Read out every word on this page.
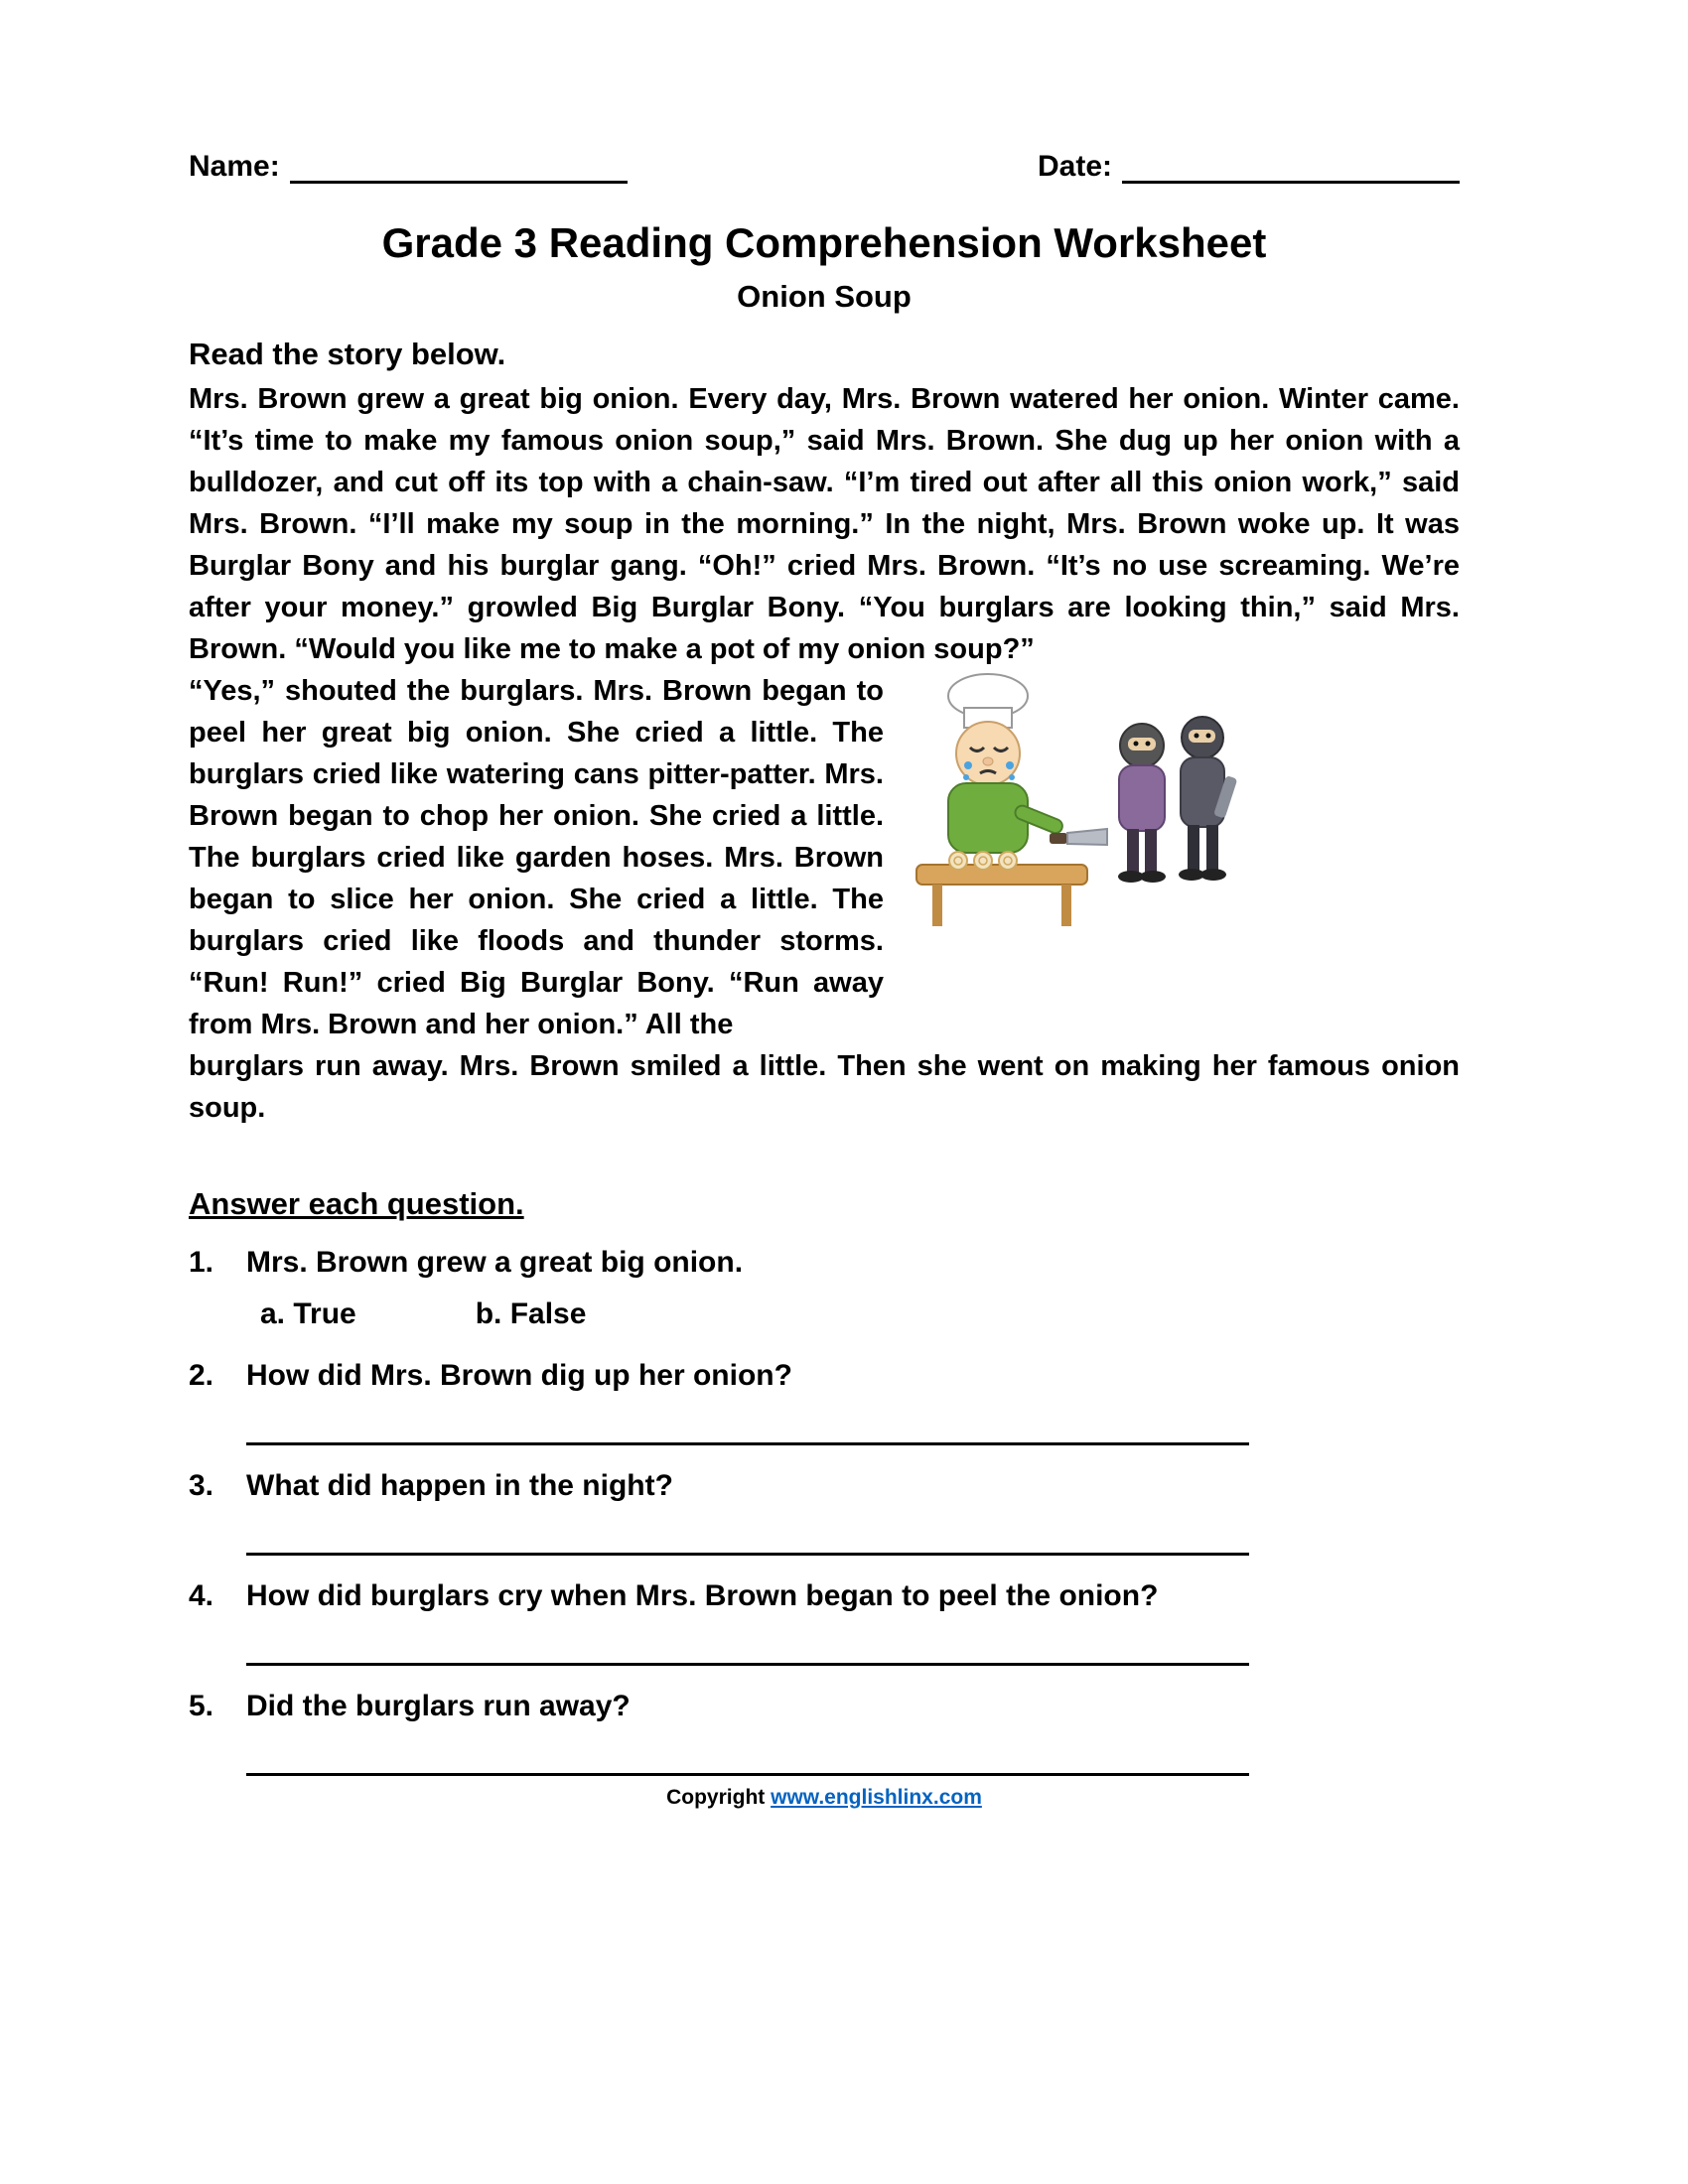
Name:	Date:
Grade 3 Reading Comprehension Worksheet
Onion Soup
Read the story below.

Mrs. Brown grew a great big onion. Every day, Mrs. Brown watered her onion. Winter came. “It’s time to make my famous onion soup,” said Mrs. Brown. She dug up her onion with a bulldozer, and cut off its top with a chain-saw. “I’m tired out after all this onion work,” said Mrs. Brown. “I’ll make my soup in the morning.” In the night, Mrs. Brown woke up. It was Burglar Bony and his burglar gang. “Oh!” cried Mrs. Brown. “It’s no use screaming. We’re after your money.” growled Big Burglar Bony. “You burglars are looking thin,” said Mrs. Brown. “Would you like me to make a pot of my onion soup?”

“Yes,” shouted the burglars. Mrs. Brown began to peel her great big onion. She cried a little. The burglars cried like watering cans pitter-patter. Mrs. Brown began to chop her onion. She cried a little. The burglars cried like garden hoses. Mrs. Brown began to slice her onion. She cried a little. The burglars cried like floods and thunder storms. “Run! Run!” cried Big Burglar Bony. “Run away from Mrs. Brown and her onion.” All the

burglars run away. Mrs. Brown smiled a little. Then she went on making her famous onion soup.

Answer each question.
1.	Mrs. Brown grew a great big onion.
a. True	b. False
2.	How did Mrs. Brown dig up her onion?
3.	What did happen in the night?
4.	How did burglars cry when Mrs. Brown began to peel the onion?
5.	Did the burglars run away?
Copyright www.englishlinx.com
